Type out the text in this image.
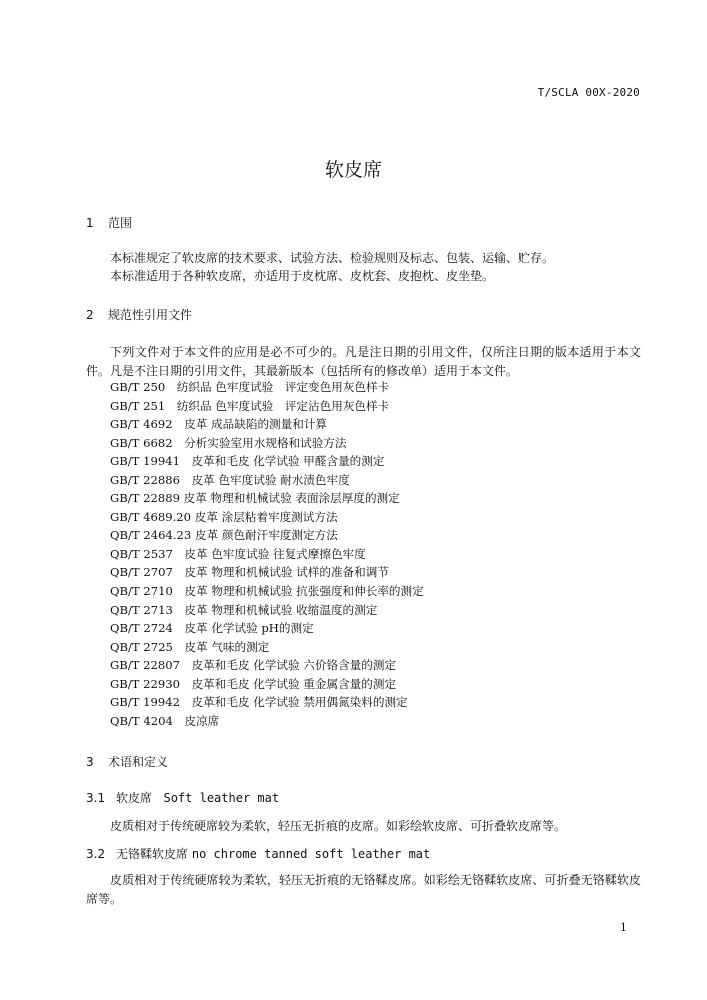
T/SCLA 00X-2020
软皮席
1 范围
本标准规定了软皮席的技术要求、试验方法、检验规则及标志、包装、运输、贮存。
本标准适用于各种软皮席，亦适用于皮枕席、皮枕套、皮抱枕、皮坐垫。
2 规范性引用文件
下列文件对于本文件的应用是必不可少的。凡是注日期的引用文件，仅所注日期的版本适用于本文件。凡是不注日期的引用文件，其最新版本（包括所有的修改单）适用于本文件。
GB/T 250　纺织品 色牢度试验　评定变色用灰色样卡
GB/T 251　纺织品 色牢度试验　评定沾色用灰色样卡
GB/T 4692　皮革 成品缺陷的测量和计算
GB/T 6682　分析实验室用水规格和试验方法
GB/T 19941　皮革和毛皮 化学试验 甲醛含量的测定
GB/T 22886　皮革 色牢度试验 耐水渍色牢度
GB/T 22889 皮革 物理和机械试验 表面涂层厚度的测定
GB/T 4689.20 皮革 涂层粘着牢度测试方法
QB/T 2464.23 皮革 颜色耐汗牢度测定方法
QB/T 2537　皮革 色牢度试验 往复式摩擦色牢度
QB/T 2707　皮革 物理和机械试验 试样的准备和调节
QB/T 2710　皮革 物理和机械试验 抗张强度和伸长率的测定
QB/T 2713　皮革 物理和机械试验 收缩温度的测定
QB/T 2724　皮革 化学试验 pH的测定
QB/T 2725　皮革 气味的测定
GB/T 22807　皮革和毛皮 化学试验 六价铬含量的测定
GB/T 22930　皮革和毛皮 化学试验 重金属含量的测定
GB/T 19942　皮革和毛皮 化学试验 禁用偶氮染料的测定
QB/T 4204　皮凉席
3 术语和定义
3.1 软皮席 Soft leather mat
皮质相对于传统硬席较为柔软，轻压无折痕的皮席。如彩绘软皮席、可折叠软皮席等。
3.2 无铬鞣软皮席 no chrome tanned soft leather mat
皮质相对于传统硬席较为柔软，轻压无折痕的无铬鞣皮席。如彩绘无铬鞣软皮席、可折叠无铬鞣软皮席等。
1
